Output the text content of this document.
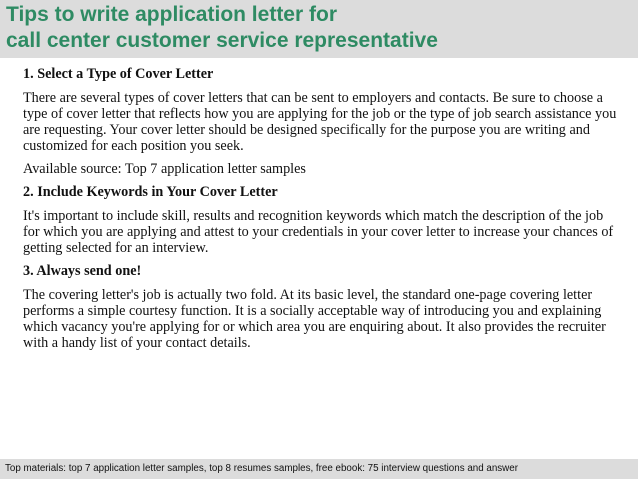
Tips to write application letter for
call center customer service representative

1. Select a Type of Cover Letter

There are several types of cover letters that can be sent to employers and contacts. Be sure to choose a type of cover letter that reflects how you are applying for the job or the type of job search assistance you are requesting. Your cover letter should be designed specifically for the purpose you are writing and customized for each position you seek.

Available source: Top 7 application letter samples

2. Include Keywords in Your Cover Letter

It's important to include skill, results and recognition keywords which match the description of the job for which you are applying and attest to your credentials in your cover letter to increase your chances of getting selected for an interview.

3. Always send one!

The covering letter's job is actually two fold. At its basic level, the standard one-page covering letter performs a simple courtesy function. It is a socially acceptable way of introducing you and explaining which vacancy you're applying for or which area you are enquiring about. It also provides the recruiter with a handy list of your contact details.

Top materials: top 7 application letter samples, top 8 resumes samples, free ebook: 75 interview questions and answer
